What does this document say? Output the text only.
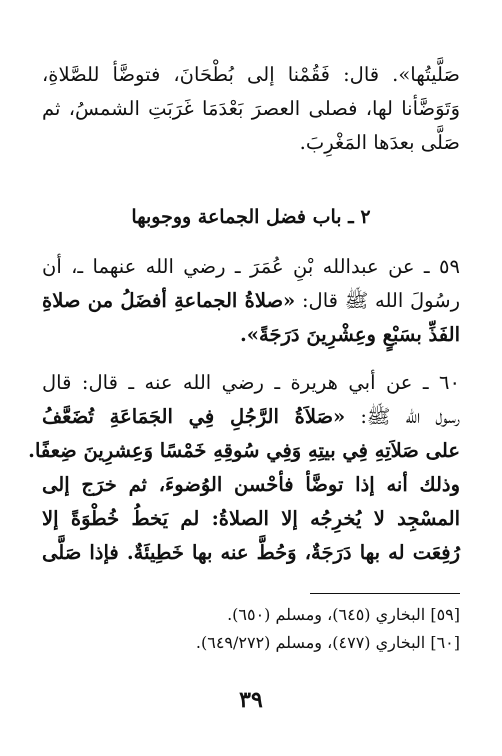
صَلَّيتُها». قال: فَقُمْنا إلى بُطْحَانَ، فتوضَّأ للصَّلاةِ،
وَتَوَضَّأنا لها، فصلى العصرَ بَعْدَمَا غَرَبَتِ الشمسُ، ثم
صَلَّى بعدَها المَغْرِبَ.
٢ ـ باب فضل الجماعة ووجوبها
٥٩ ـ عن عبدالله بْنِ عُمَرَ ـ رضي الله عنهما ـ، أن
رسُولَ الله ﷺ قال: «صلاةُ الجماعةِ أفضَلُ من صلاةِ
الفَذِّ بسَبْعٍ وعِشْرِينَ دَرَجَةً».
٦٠ ـ عن أبي هريرة ـ رضي الله عنه ـ قال: قال
رسول الله ﷺ: «صَلاَةُ الرَّجُلِ فِي الجَمَاعَةِ تُضَعَّفُ
على صَلاَتِهِ فِي بيتِهِ وَفِي سُوقِهِ خَمْسًا وَعِشرِينَ ضِعفًا.
وذلك أنه إذا توضَّأ فأحْسن الوُضوءَ، ثم خرَج إلى
المسْجِد لا يُخرِجُه إلا الصلاةُ: لم يَخطُ خُطْوَةً إلا
رُفِعَت له بها دَرَجَةٌ، وَحُطَّ عنه بها خَطِيئَةٌ. فإذا صَلَّى
[٥٩] البخاري (٦٤٥)، ومسلم (٦٥٠).
[٦٠] البخاري (٤٧٧)، ومسلم (٦٤٩/٢٧٢).
٣٩
